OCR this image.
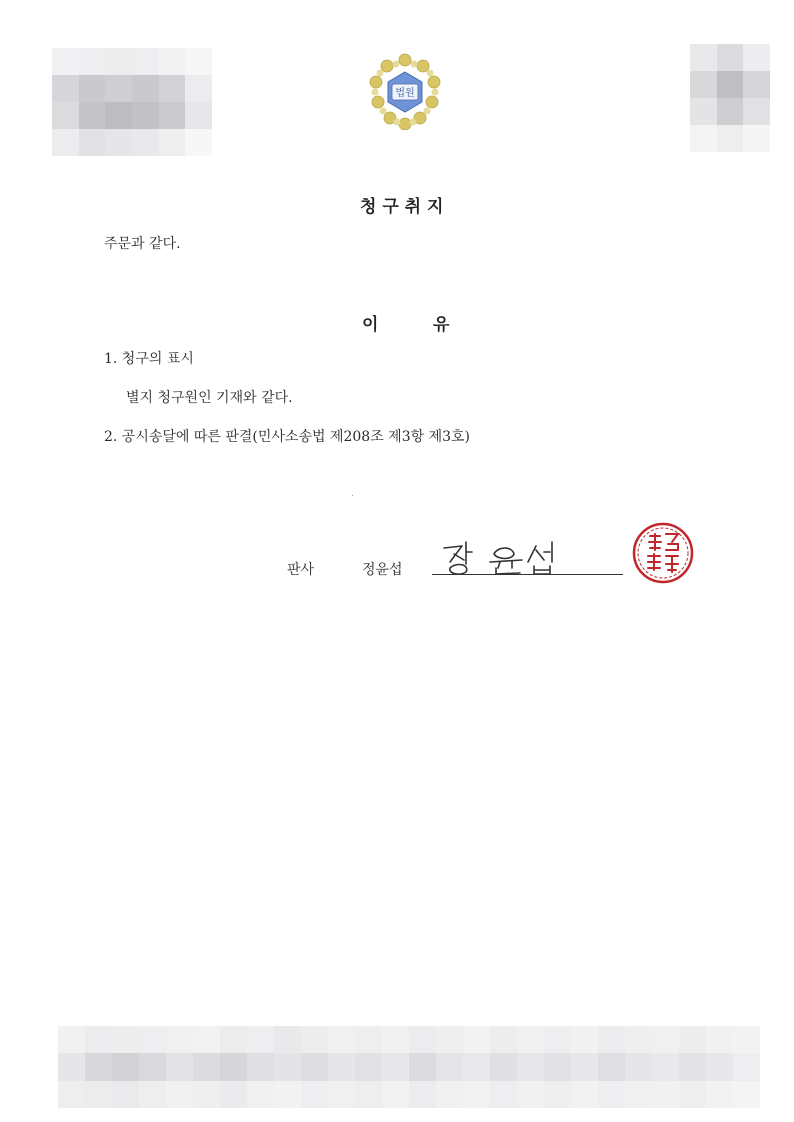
법원
청 구 취 지
주문과 같다.
이	유
1. 청구의 표시
별지 청구원인 기재와 같다.
2. 공시송달에 따른 판결(민사소송법 제208조 제3항 제3호)
판사	정윤섭
